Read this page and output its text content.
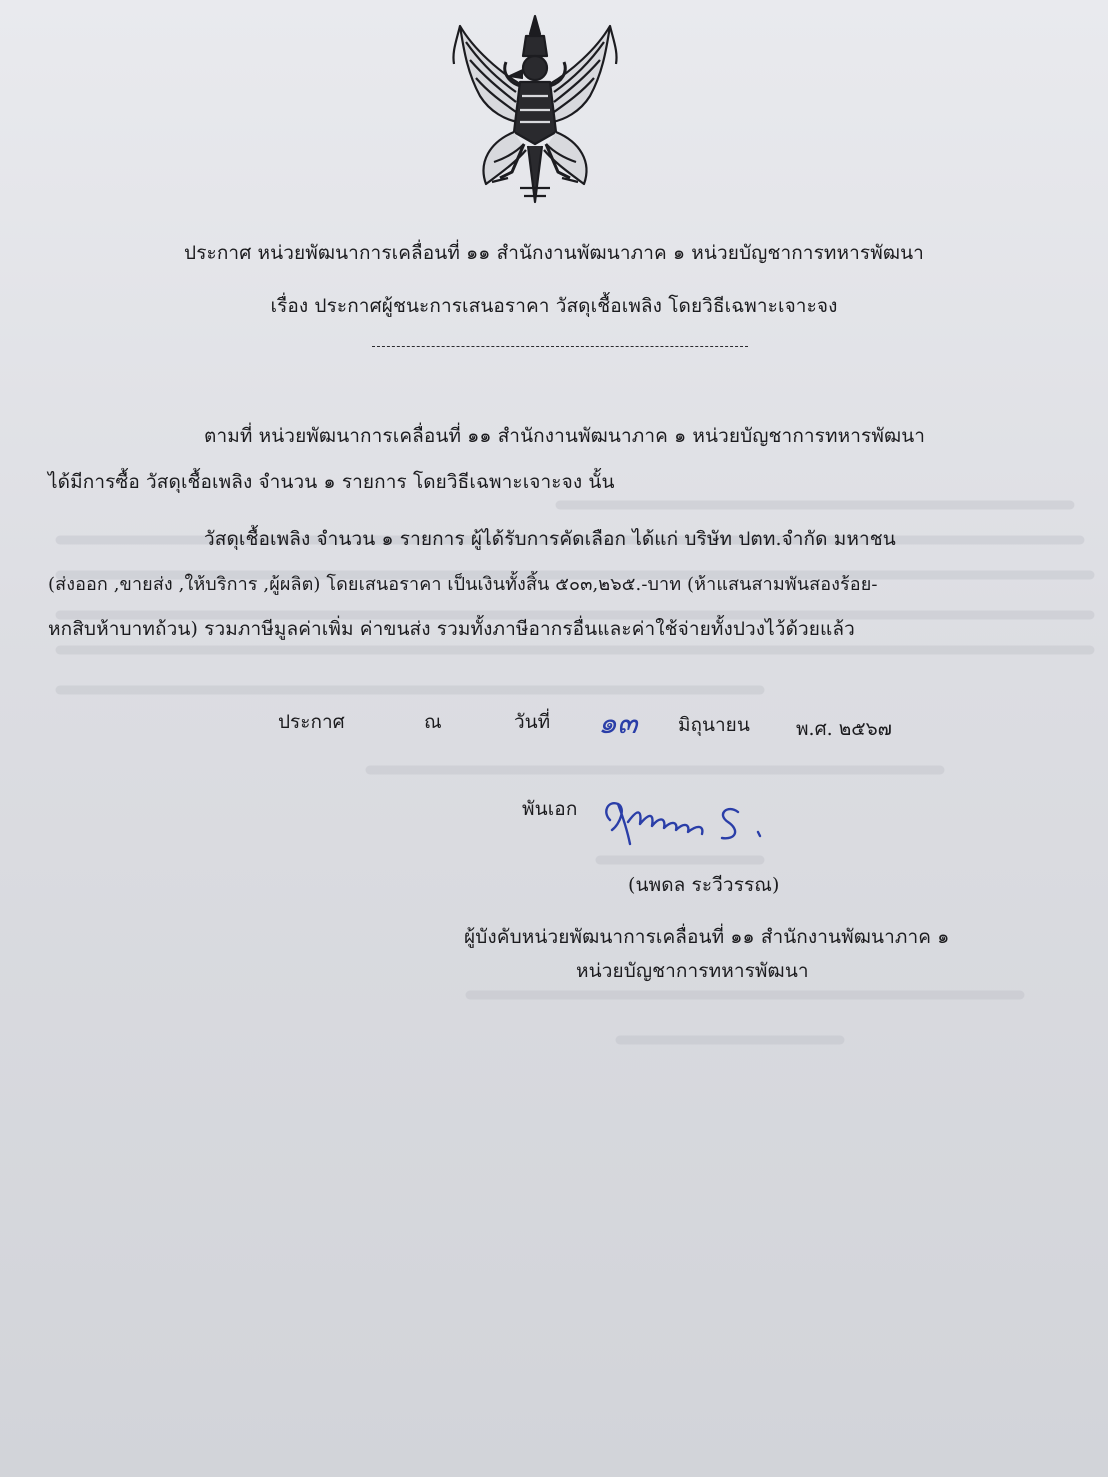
ประกาศ หน่วยพัฒนาการเคลื่อนที่ ๑๑ สำนักงานพัฒนาภาค ๑ หน่วยบัญชาการทหารพัฒนา
เรื่อง ประกาศผู้ชนะการเสนอราคา วัสดุเชื้อเพลิง โดยวิธีเฉพาะเจาะจง
ตามที่ หน่วยพัฒนาการเคลื่อนที่ ๑๑ สำนักงานพัฒนาภาค ๑ หน่วยบัญชาการทหารพัฒนา
ได้มีการซื้อ วัสดุเชื้อเพลิง จำนวน ๑ รายการ โดยวิธีเฉพาะเจาะจง นั้น
วัสดุเชื้อเพลิง จำนวน ๑ รายการ ผู้ได้รับการคัดเลือก ได้แก่ บริษัท ปตท.จำกัด มหาชน
(ส่งออก ,ขายส่ง ,ให้บริการ ,ผู้ผลิต) โดยเสนอราคา เป็นเงินทั้งสิ้น ๕๐๓,๒๖๕.-บาท (ห้าแสนสามพันสองร้อย-
หกสิบห้าบาทถ้วน) รวมภาษีมูลค่าเพิ่ม ค่าขนส่ง รวมทั้งภาษีอากรอื่นและค่าใช้จ่ายทั้งปวงไว้ด้วยแล้ว
ประกาศ	ณ	วันที่ ๑๓ มิถุนายน พ.ศ. ๒๕๖๗
พันเอก
(นพดล ระวีวรรณ)
ผู้บังคับหน่วยพัฒนาการเคลื่อนที่ ๑๑ สำนักงานพัฒนาภาค ๑
หน่วยบัญชาการทหารพัฒนา
